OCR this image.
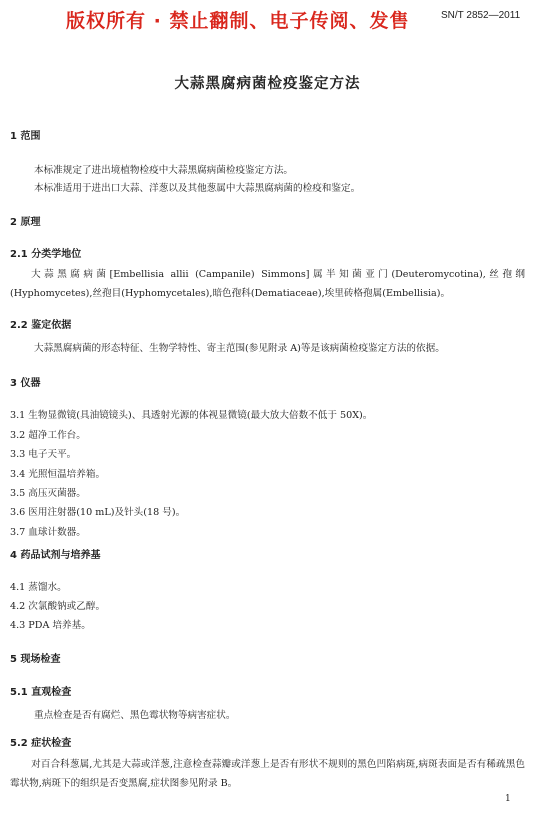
版权所有 · 禁止翻制、电子传阅、发售	SN/T 2852—2011
大蒜黑腐病菌检疫鉴定方法
1 范围
本标准规定了进出境植物检疫中大蒜黑腐病菌检疫鉴定方法。
本标准适用于进出口大蒜、洋葱以及其他葱属中大蒜黑腐病菌的检疫和鉴定。
2 原理
2.1 分类学地位
大蒜黑腐病菌[Embellisia allii (Campanile) Simmons]属半知菌亚门(Deuteromycotina),丝孢纲(Hyphomycetes),丝孢目(Hyphomycetales),暗色孢科(Dematiaceae),埃里砖格孢属(Embellisia)。
2.2 鉴定依据
大蒜黑腐病菌的形态特征、生物学特性、寄主范围(参见附录 A)等是该病菌检疫鉴定方法的依据。
3 仪器
3.1 生物显微镜(具油镜镜头)、具透射光源的体视显微镜(最大放大倍数不低于 50X)。
3.2 超净工作台。
3.3 电子天平。
3.4 光照恒温培养箱。
3.5 高压灭菌器。
3.6 医用注射器(10 mL)及针头(18 号)。
3.7 血球计数器。
4 药品试剂与培养基
4.1 蒸馏水。
4.2 次氯酸钠或乙醇。
4.3 PDA 培养基。
5 现场检查
5.1 直观检查
重点检查是否有腐烂、黑色霉状物等病害症状。
5.2 症状检查
对百合科葱属,尤其是大蒜或洋葱,注意检查蒜瓣或洋葱上是否有形状不规则的黑色凹陷病斑,病斑表面是否有稀疏黑色霉状物,病斑下的组织是否变黑腐,症状图参见附录 B。
1
